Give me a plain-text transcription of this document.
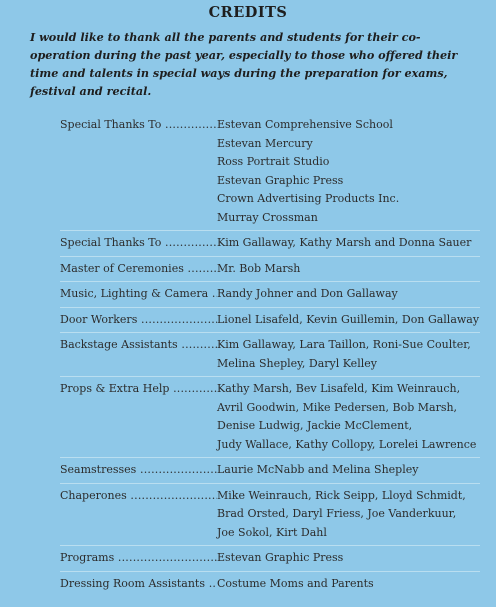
CREDITS
I would like to thank all the parents and students for their co-operation during the past year, especially to those who offered their time and talents in special ways during the preparation for exams, festival and recital.
Special Thanks To .....	Estevan Comprehensive School
Estevan Mercury
Ross Portrait Studio
Estevan Graphic Press
Crown Advertising Products Inc.
Murray Crossman
Special Thanks To .....	Kim Gallaway, Kathy Marsh and Donna Sauer
Master of Ceremonies .....	Mr. Bob Marsh
Music, Lighting & Camera ..... Randy Johner and Don Gallaway
Door Workers .....	Lionel Lisafeld, Kevin Guillemin, Don Gallaway
Backstage Assistants .....	Kim Gallaway, Lara Taillon, Roni-Sue Coulter,
Melina Shepley, Daryl Kelley
Props & Extra Help .....	Kathy Marsh, Bev Lisafeld, Kim Weinrauch,
Avril Goodwin, Mike Pedersen, Bob Marsh,
Denise Ludwig, Jackie McClement,
Judy Wallace, Kathy Collopy, Lorelei Lawrence
Seamstresses .....	Laurie McNabb and Melina Shepley
Chaperones .....	Mike Weinrauch, Rick Seipp, Lloyd Schmidt,
Brad Orsted, Daryl Friess, Joe Vanderkuur,
Joe Sokol, Kirt Dahl
Programs .....	Estevan Graphic Press
Dressing Room Assistants .....	Costume Moms and Parents
